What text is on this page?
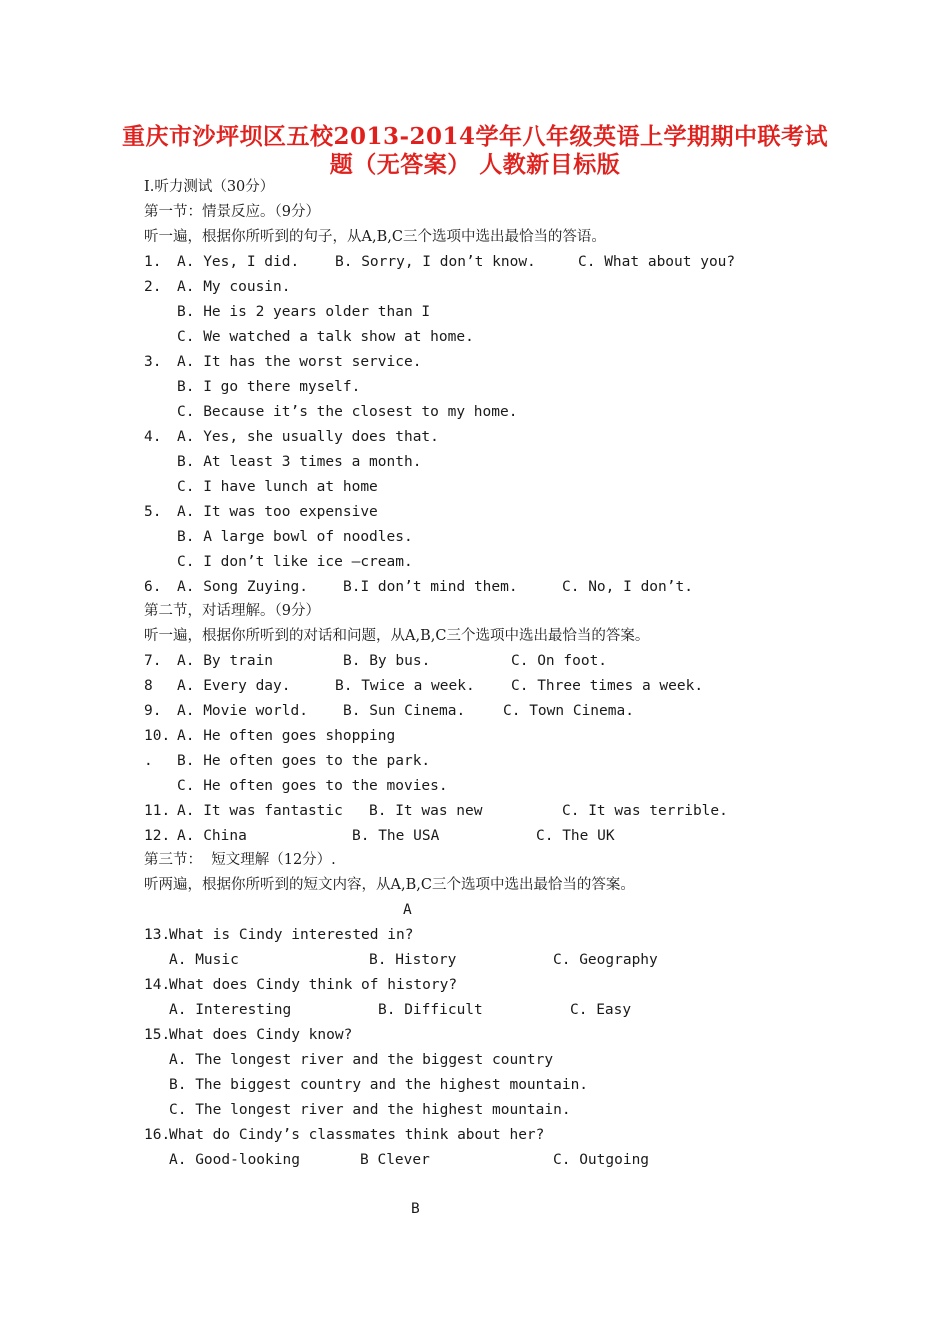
重庆市沙坪坝区五校2013-2014学年八年级英语上学期期中联考试
题（无答案） 人教新目标版
I.听力测试（30分）
第一节：情景反应。（9分）
听一遍，根据你所听到的句子，从A,B,C三个选项中选出最恰当的答语。
1. A. Yes, I did. B. Sorry, I don’t know.	C. What about you?
2. A. My cousin.
B. He is 2 years older than I
C. We watched a talk show at home.
3. A. It has the worst service.
B. I go there myself.
C. Because it’s the closest to my home.
4. A. Yes, she usually does that.
B. At least 3 times a month.
C. I have lunch at home
5. A. It was too expensive
B. A large bowl of noodles.
C. I don’t like ice –cream.
6. A. Song Zuying. B.I don’t mind them.	C. No, I don’t.
第二节，对话理解。（9分）
听一遍，根据你所听到的对话和问题，从A,B,C三个选项中选出最恰当的答案。
7. A. By train	B. By bus.	C. On foot.
8 A. Every day.	B. Twice a week.	C. Three times a week.
9. A. Movie world. B. Sun Cinema.	C. Town Cinema.
10. A. He often goes shopping
. B. He often goes to the park.
C. He often goes to the movies.
11. A. It was fantastic B. It was new	C. It was terrible.
12. A. China	B. The USA	C. The UK
第三节：  短文理解（12分）.
听两遍，根据你所听到的短文内容，从A,B,C三个选项中选出最恰当的答案。
A
13.
What is Cindy interested in?
A. Music	B. History	C. Geography
14.
What does Cindy think of history?
A. Interesting	B. Difficult	C. Easy
15.
What does Cindy know?
A. The longest river and the biggest country
B. The biggest country and the highest mountain.
C. The longest river and the highest mountain.
16.
What do Cindy’s classmates think about her?
A. Good-looking	B Clever	C. Outgoing
B
